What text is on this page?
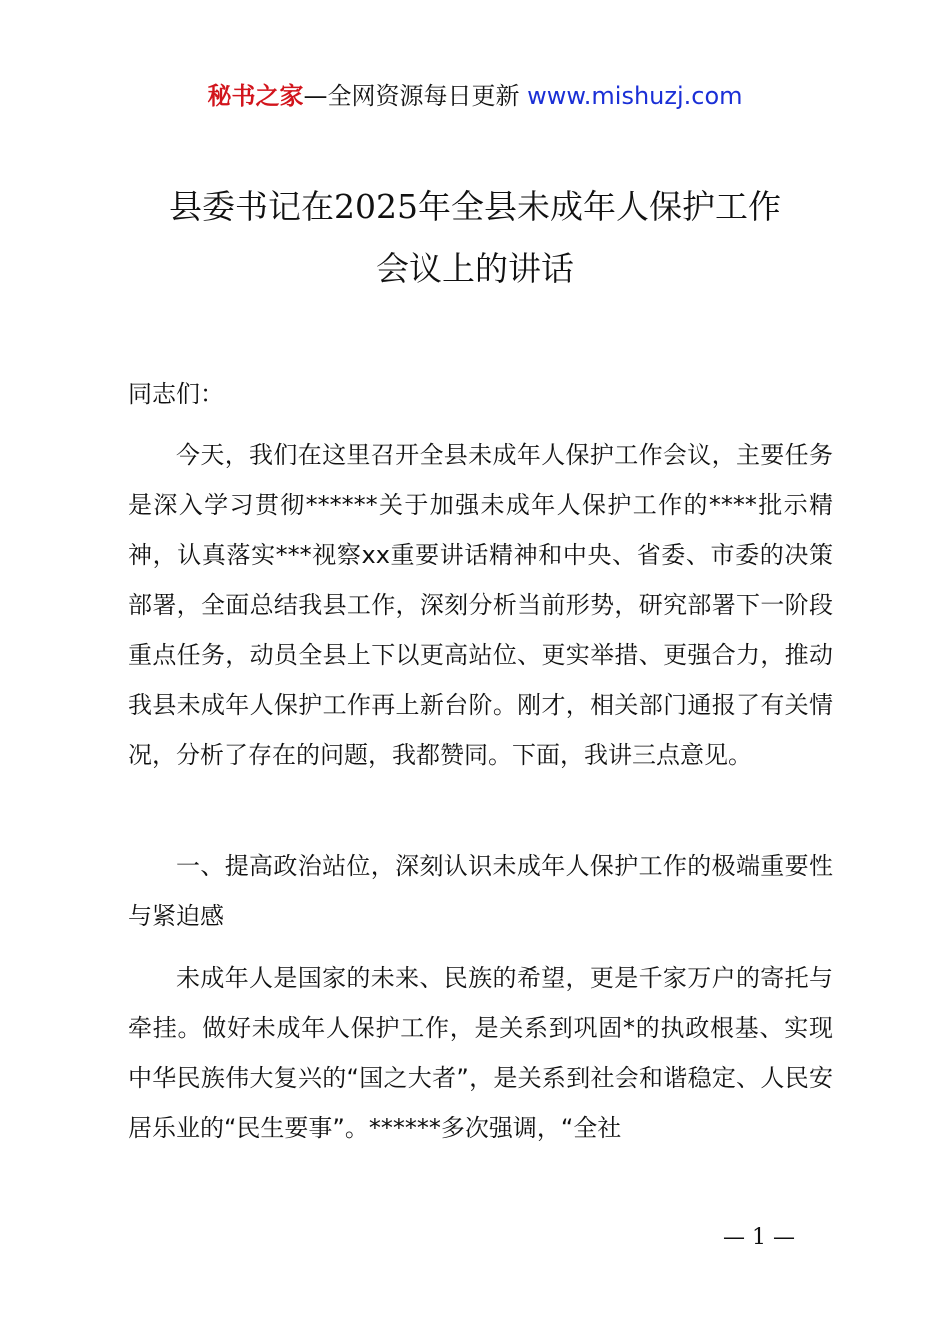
秘书之家—全网资源每日更新 www.mishuzj.com
县委书记在2025年全县未成年人保护工作
会议上的讲话
同志们：
今天，我们在这里召开全县未成年人保护工作会议，主要任务是深入学习贯彻******关于加强未成年人保护工作的****批示精神，认真落实***视察xx重要讲话精神和中央、省委、市委的决策部署，全面总结我县工作，深刻分析当前形势，研究部署下一阶段重点任务，动员全县上下以更高站位、更实举措、更强合力，推动我县未成年人保护工作再上新台阶。刚才，相关部门通报了有关情况，分析了存在的问题，我都赞同。下面，我讲三点意见。
一、提高政治站位，深刻认识未成年人保护工作的极端重要性与紧迫感
未成年人是国家的未来、民族的希望，更是千家万户的寄托与牵挂。做好未成年人保护工作，是关系到巩固*的执政根基、实现中华民族伟大复兴的“国之大者”，是关系到社会和谐稳定、人民安居乐业的“民生要事”。******多次强调，“全社
— 1 —
